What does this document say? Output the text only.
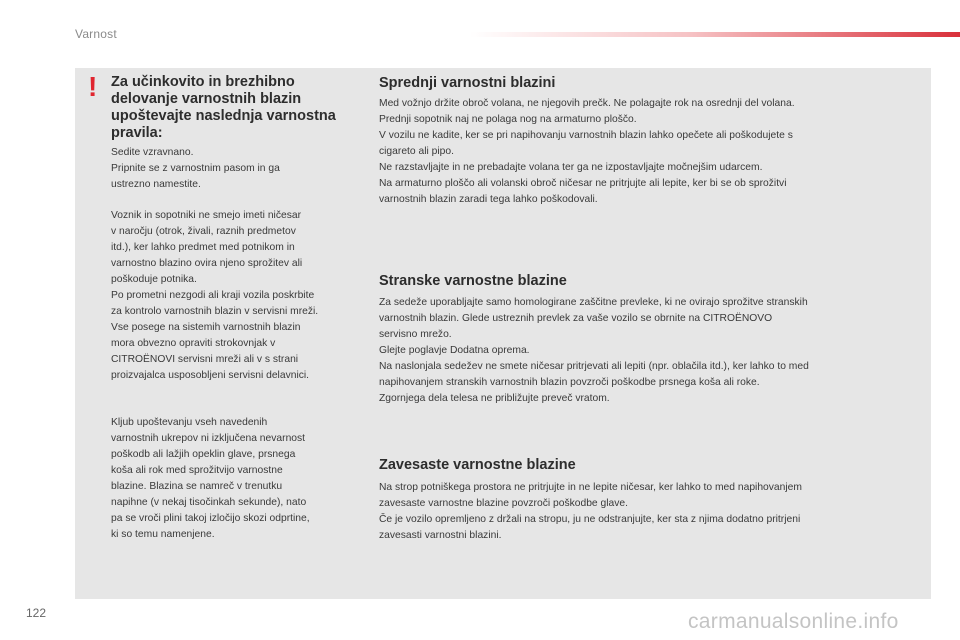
Varnost
! Za učinkovito in brezhibno delovanje varnostnih blazin upoštevajte naslednja varnostna pravila:

Sedite vzravnano.
Pripnite se z varnostnim pasom in ga
ustrezno namestite.

Voznik in sopotniki ne smejo imeti ničesar
v naročju (otrok, živali, raznih predmetov
itd.), ker lahko predmet med potnikom in
varnostno blazino ovira njeno sprožitev ali
poškoduje potnika.
Po prometni nezgodi ali kraji vozila poskrbite
za kontrolo varnostnih blazin v servisni mreži.
Vse posege na sistemih varnostnih blazin
mora obvezno opraviti strokovnjak v
CITROËNOVI servisni mreži ali v s strani
proizvajalca usposobljeni servisni delavnici.

Kljub upoštevanju vseh navedenih
varnostnih ukrepov ni izključena nevarnost
poškodb ali lažjih opeklin glave, prsnega
koša ali rok med sprožitvijo varnostne
blazine. Blazina se namreč v trenutku
napihne (v nekaj tisočinkah sekunde), nato
pa se vroči plini takoj izločijo skozi odprtine,
ki so temu namenjene.

Sprednji varnostni blazini

Med vožnjo držite obroč volana, ne njegovih prečk. Ne polagajte rok na osrednji del volana.
Prednji sopotnik naj ne polaga nog na armaturno ploščo.
V vozilu ne kadite, ker se pri napihovanju varnostnih blazin lahko opečete ali poškodujete s
cigareto ali pipo.
Ne razstavljajte in ne prebadajte volana ter ga ne izpostavljajte močnejšim udarcem.
Na armaturno ploščo ali volanski obroč ničesar ne pritrjujte ali lepite, ker bi se ob sprožitvi
varnostnih blazin zaradi tega lahko poškodovali.

Stranske varnostne blazine

Za sedeže uporabljajte samo homologirane zaščitne prevleke, ki ne ovirajo sprožitve stranskih
varnostnih blazin. Glede ustreznih prevlek za vaše vozilo se obrnite na CITROËNOVO
servisno mrežo.
Glejte poglavje Dodatna oprema.
Na naslonjala sedežev ne smete ničesar pritrjevati ali lepiti (npr. oblačila itd.), ker lahko to med
napihovanjem stranskih varnostnih blazin povzroči poškodbe prsnega koša ali roke.
Zgornjega dela telesa ne približujte preveč vratom.

Zavesaste varnostne blazine

Na strop potniškega prostora ne pritrjujte in ne lepite ničesar, ker lahko to med napihovanjem
zavesaste varnostne blazine povzroči poškodbe glave.
Če je vozilo opremljeno z držali na stropu, ju ne odstranjujte, ker sta z njima dodatno pritrjeni
zavesasti varnostni blazini.

122	carmanualsonline.info
